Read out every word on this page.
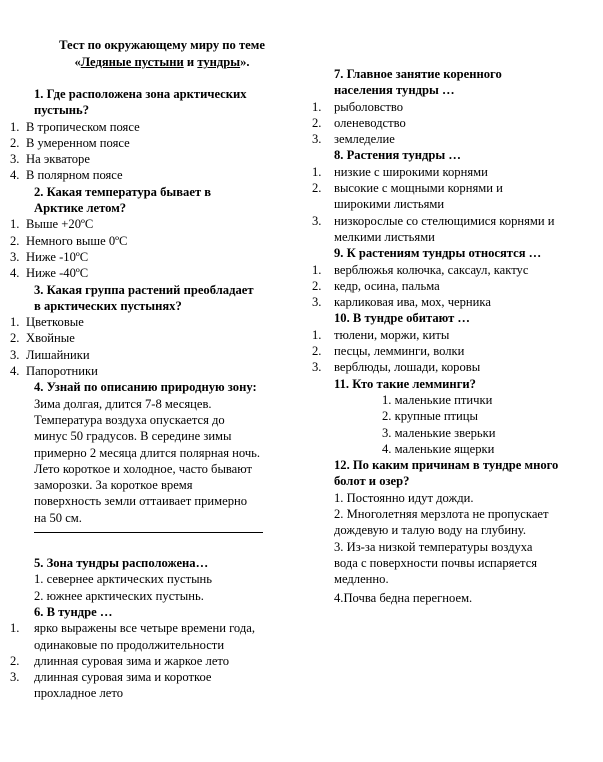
Тест по окружающему миру по теме
«Ледяные пустыни и тундры».
1. Где расположена зона арктических
пустынь?
1. В тропическом поясе
2. В умеренном поясе
3. На экваторе
4. В полярном поясе
2. Какая температура бывает в
Арктике летом?
1. Выше +20ºС
2. Немного выше 0ºС
3. Ниже -10ºС
4. Ниже -40ºС
3. Какая группа растений преобладает
в арктических пустынях?
1. Цветковые
2. Хвойные
3. Лишайники
4. Папоротники
4. Узнай по описанию природную зону:
Зима долгая, длится 7-8 месяцев.
Температура воздуха опускается до
минус 50 градусов. В середине зимы
примерно 2 месяца длится полярная ночь.
Лето короткое и холодное, часто бывают
заморозки. За короткое время
поверхность земли оттаивает примерно
на 50 см.
5. Зона тундры расположена…
1. севернее арктических пустынь
2. южнее арктических пустынь.
6. В тундре …
1. ярко выражены все четыре времени года,
одинаковые по продолжительности
2. длинная суровая зима и жаркое лето
3. длинная суровая зима и короткое
прохладное лето
7. Главное занятие коренного
населения тундры …
1. рыболовство
2. оленеводство
3. земледелие
8. Растения тундры …
1. низкие с широкими корнями
2. высокие с мощными корнями и
широкими листьями
3. низкорослые со стелющимися корнями и
мелкими листьями
9. К растениям тундры относятся …
1. верблюжья колючка, саксаул, кактус
2. кедр, осина, пальма
3. карликовая ива, мох, черника
10. В тундре обитают …
1. тюлени, моржи, киты
2. песцы, лемминги, волки
3. верблюды, лошади, коровы
11. Кто такие лемминги?
1. маленькие птички
2. крупные птицы
3. маленькие зверьки
4. маленькие ящерки
12. По каким причинам в тундре много
болот и озер?
1. Постоянно идут дожди.
2. Многолетняя мерзлота не пропускает
дождевую и талую воду на глубину.
3. Из-за низкой температуры воздуха
вода с поверхности почвы испаряется
медленно.
4.Почва бедна перегноем.
